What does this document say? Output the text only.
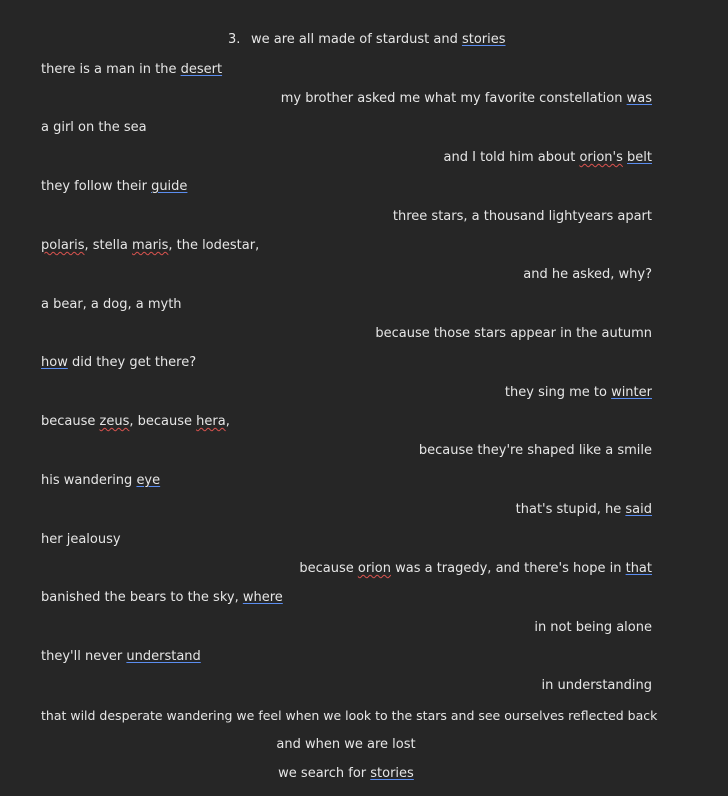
3. we are all made of stardust and stories
there is a man in the desert
my brother asked me what my favorite constellation was
a girl on the sea
and I told him about orion's belt
they follow their guide
three stars, a thousand lightyears apart
polaris, stella maris, the lodestar,
and he asked, why?
a bear, a dog, a myth
because those stars appear in the autumn
how did they get there?
they sing me to winter
because zeus, because hera,
because they're shaped like a smile
his wandering eye
that's stupid, he said
her jealousy
because orion was a tragedy, and there's hope in that
banished the bears to the sky, where
in not being alone
they'll never understand
in understanding
that wild desperate wandering we feel when we look to the stars and see ourselves reflected back
and when we are lost
we search for stories
